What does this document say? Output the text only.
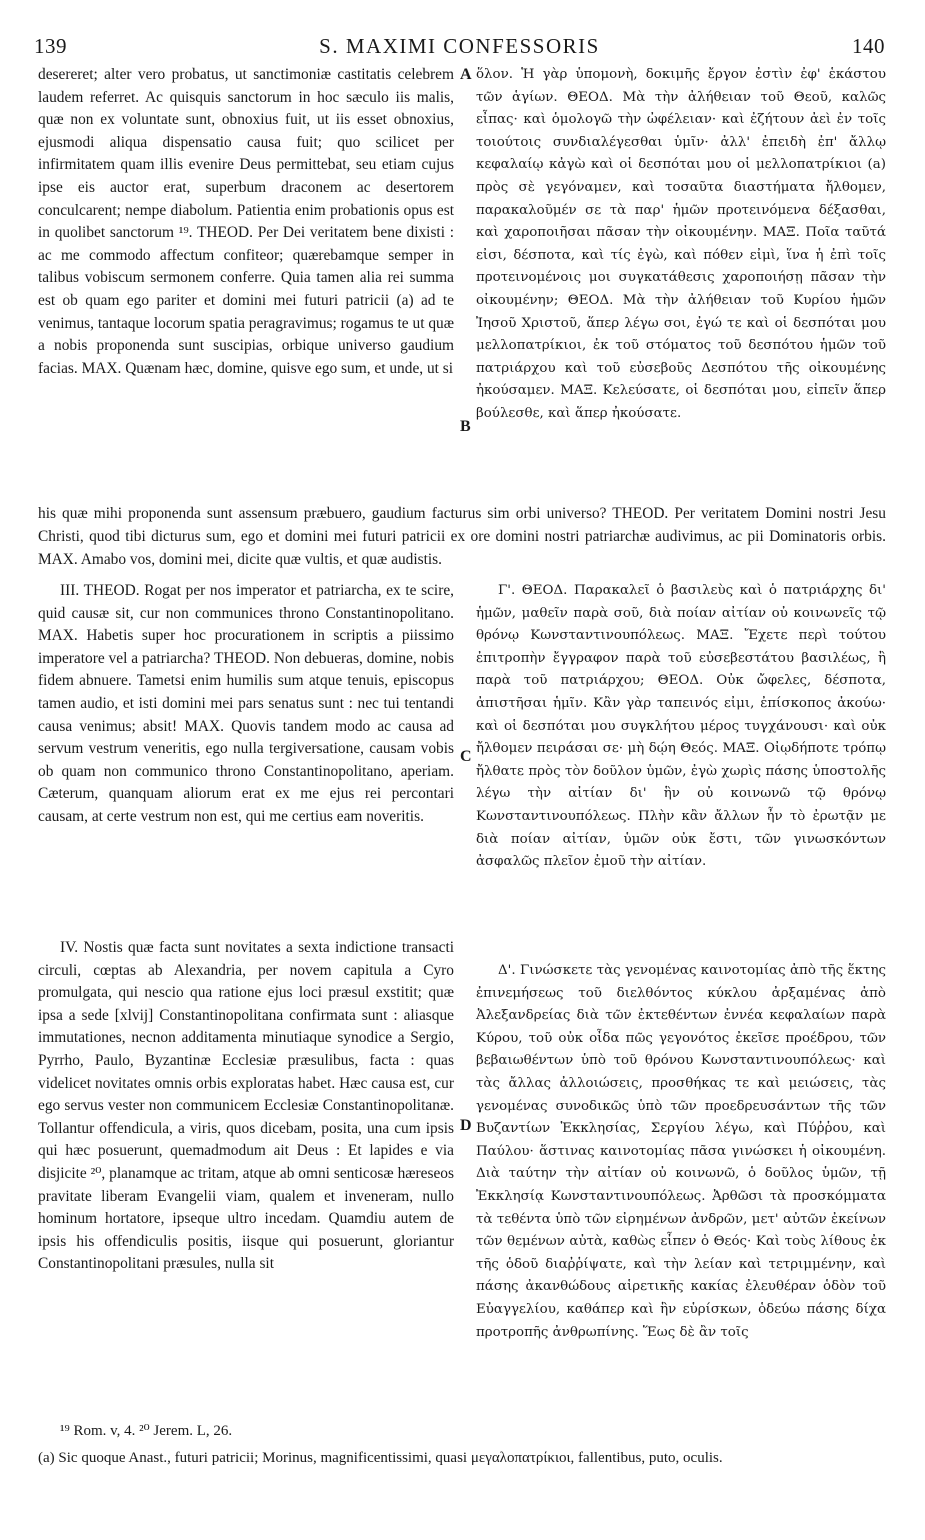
139	S. MAXIMI CONFESSORIS	140

desereret; alter vero probatus, ut sanctimoniæ castitatis celebrem laudem referret. Ac quisquis sanctorum in hoc sæculo iis malis, quæ non ex voluntate sunt, obnoxius fuit, ut iis esset obnoxius, ejusmodi aliqua dispensatio causa fuit; quo scilicet per infirmitatem quam illis evenire Deus permittebat, seu etiam cujus ipse eis auctor erat, superbum draconem ac desertorem conculcarent; nempe diabolum. Patientia enim probationis opus est in quolibet sanctorum ¹⁹. THEOD. Per Dei veritatem bene dixisti : ac me commodo affectum confiteor; quærebamque semper in talibus vobiscum sermonem conferre. Quia tamen alia rei summa est ob quam ego pariter et domini mei futuri patricii (a) ad te venimus, tantaque locorum spatia peragravimus; rogamus te ut quæ a nobis proponenda sunt suscipias, orbique universo gaudium facias. MAX. Quænam hæc, domine, quisve ego sum, et unde, ut si

A ὅλον. Ἡ γὰρ ὑπομονὴ, δοκιμῆς ἔργον ἐστὶν ἐφ' ἑκάστου τῶν ἁγίων. ΘΕΟΔ. Μὰ τὴν ἀλήθειαν τοῦ Θεοῦ, καλῶς εἶπας· καὶ ὁμολογῶ τὴν ὠφέλειαν· καὶ ἐζήτουν ἀεὶ ἐν τοῖς τοιούτοις συνδιαλέγεσθαι ὑμῖν· ἀλλ' ἐπειδὴ ἐπ' ἄλλῳ κεφαλαίῳ κἀγὼ καὶ οἱ δεσπόται μου οἱ μελλοπατρίκιοι (a) πρὸς σὲ γεγόναμεν, καὶ τοσαῦτα διαστήματα ἤλθομεν, παρακαλοῦμέν σε τὰ παρ' ἡμῶν προτεινόμενα δέξασθαι, καὶ χαροποιῆσαι πᾶσαν τὴν οἰκουμένην. ΜΑΞ. Ποῖα ταῦτά εἰσι, δέσποτα, καὶ τίς ἐγὼ, καὶ πόθεν εἰμὶ, ἵνα ἡ ἐπὶ τοῖς προτεινομένοις μοι συγκατάθεσις χαροποιήσῃ πᾶσαν τὴν οἰκουμένην; ΘΕΟΔ. Μὰ τὴν ἀλήθειαν τοῦ Κυρίου ἡμῶν Ἰησοῦ Χριστοῦ, ἅπερ λέγω σοι, ἐγώ τε καὶ οἱ δεσπόται μου μελλοπατρίκιοι, ἐκ τοῦ στόματος τοῦ δεσπότου ἡμῶν τοῦ πατριάρχου καὶ τοῦ εὐσεβοῦς Δεσπότου τῆς οἰκουμένης ἠκούσαμεν. ΜΑΞ. Κελεύσατε, οἱ δεσπόται μου, εἰπεῖν ἅπερ βούλεσθε, καὶ ἅπερ ἠκούσατε.

B

his quæ mihi proponenda sunt assensum præbuero, gaudium facturus sim orbi universo? THEOD. Per veritatem Domini nostri Jesu Christi, quod tibi dicturus sum, ego et domini mei futuri patricii ex ore domini nostri patriarchæ audivimus, ac pii Dominatoris orbis. MAX. Amabo vos, domini mei, dicite quæ vultis, et quæ audistis.

III. THEOD. Rogat per nos imperator et patriarcha, ex te scire, quid causæ sit, cur non communices throno Constantinopolitano. MAX. Habetis super hoc procurationem in scriptis a piissimo imperatore vel a patriarcha? THEOD. Non debueras, domine, nobis fidem abnuere. Tametsi enim humilis sum atque tenuis, episcopus tamen audio, et isti domini mei pars senatus sunt : nec tui tentandi causa venimus; absit! MAX. Quovis tandem modo ac causa ad servum vestrum veneritis, ego nulla tergiversatione, causam vobis ob quam non communico throno Constantinopolitano, aperiam. Cæterum, quanquam aliorum erat ex me ejus rei percontari causam, at certe vestrum non est, qui me certius eam noveritis.

C

Γ'. ΘΕΟΔ. Παρακαλεῖ ὁ βασιλεὺς καὶ ὁ πατριάρχης δι' ἡμῶν, μαθεῖν παρὰ σοῦ, διὰ ποίαν αἰτίαν οὐ κοινωνεῖς τῷ θρόνῳ Κωνσταντινουπόλεως. ΜΑΞ. Ἔχετε περὶ τούτου ἐπιτροπὴν ἔγγραφον παρὰ τοῦ εὐσεβεστάτου βασιλέως, ἢ παρὰ τοῦ πατριάρχου; ΘΕΟΔ. Οὐκ ὤφελες, δέσποτα, ἀπιστῆσαι ἡμῖν. Κἂν γὰρ ταπεινός εἰμι, ἐπίσκοπος ἀκούω· καὶ οἱ δεσπόται μου συγκλήτου μέρος τυγχάνουσι· καὶ οὐκ ἤλθομεν πειράσαι σε· μὴ δῴη Θεός. ΜΑΞ. Οἰῳδήποτε τρόπῳ ἤλθατε πρὸς τὸν δοῦλον ὑμῶν, ἐγὼ χωρὶς πάσης ὑποστολῆς λέγω τὴν αἰτίαν δι' ἣν οὐ κοινωνῶ τῷ θρόνῳ Κωνσταντινουπόλεως. Πλὴν κἂν ἄλλων ἦν τὸ ἐρωτᾷν με διὰ ποίαν αἰτίαν, ὑμῶν οὐκ ἔστι, τῶν γινωσκόντων ἀσφαλῶς πλεῖον ἐμοῦ τὴν αἰτίαν.

IV. Nostis quæ facta sunt novitates a sexta indictione transacti circuli, cœptas ab Alexandria, per novem capitula a Cyro promulgata, qui nescio qua ratione ejus loci præsul exstitit; quæ ipsa a sede [xlvij] Constantinopolitana confirmata sunt : aliasque immutationes, necnon additamenta minutiaque synodice a Sergio, Pyrrho, Paulo, Byzantinæ Ecclesiæ præsulibus, facta : quas videlicet novitates omnis orbis exploratas habet. Hæc causa est, cur ego servus vester non communicem Ecclesiæ Constantinopolitanæ. Tollantur offendicula, a viris, quos dicebam, posita, una cum ipsis qui hæc posuerunt, quemadmodum ait Deus : Et lapides e via disjicite ²⁰, planamque ac tritam, atque ab omni senticosæ hæreseos pravitate liberam Evangelii viam, qualem et inveneram, nullo hominum hortatore, ipseque ultro incedam. Quamdiu autem de ipsis his offendiculis positis, iisque qui posuerunt, gloriantur Constantinopolitani præsules, nulla sit

D

Δ'. Γινώσκετε τὰς γενομένας καινοτομίας ἀπὸ τῆς ἕκτης ἐπινεμήσεως τοῦ διελθόντος κύκλου ἀρξαμένας ἀπὸ Ἀλεξανδρείας διὰ τῶν ἐκτεθέντων ἐννέα κεφαλαίων παρὰ Κύρου, τοῦ οὐκ οἶδα πῶς γεγονότος ἐκεῖσε προέδρου, τῶν βεβαιωθέντων ὑπὸ τοῦ θρόνου Κωνσταντινουπόλεως· καὶ τὰς ἄλλας ἀλλοιώσεις, προσθήκας τε καὶ μειώσεις, τὰς γενομένας συνοδικῶς ὑπὸ τῶν προεδρευσάντων τῆς τῶν Βυζαντίων Ἐκκλησίας, Σεργίου λέγω, καὶ Πύῤῥου, καὶ Παύλου· ἅστινας καινοτομίας πᾶσα γινώσκει ἡ οἰκουμένη. Διὰ ταύτην τὴν αἰτίαν οὐ κοινωνῶ, ὁ δοῦλος ὑμῶν, τῇ Ἐκκλησίᾳ Κωνσταντινουπόλεως. Ἀρθῶσι τὰ προσκόμματα τὰ τεθέντα ὑπὸ τῶν εἰρημένων ἀνδρῶν, μετ' αὐτῶν ἐκείνων τῶν θεμένων αὐτὰ, καθὼς εἶπεν ὁ Θεός· Καὶ τοὺς λίθους ἐκ τῆς ὁδοῦ διαῤῥίψατε, καὶ τὴν λείαν καὶ τετριμμένην, καὶ πάσης ἀκανθώδους αἱρετικῆς κακίας ἐλευθέραν ὁδὸν τοῦ Εὐαγγελίου, καθάπερ καὶ ἣν εὑρίσκων, ὁδεύω πάσης δίχα προτροπῆς ἀνθρωπίνης. Ἕως δὲ ἂν τοῖς

¹⁹ Rom. v, 4. ²⁰ Jerem. L, 26.
(a) Sic quoque Anast., futuri patricii; Morinus, magnificentissimi, quasi μεγαλοπατρίκιοι, fallentibus, puto, oculis.
